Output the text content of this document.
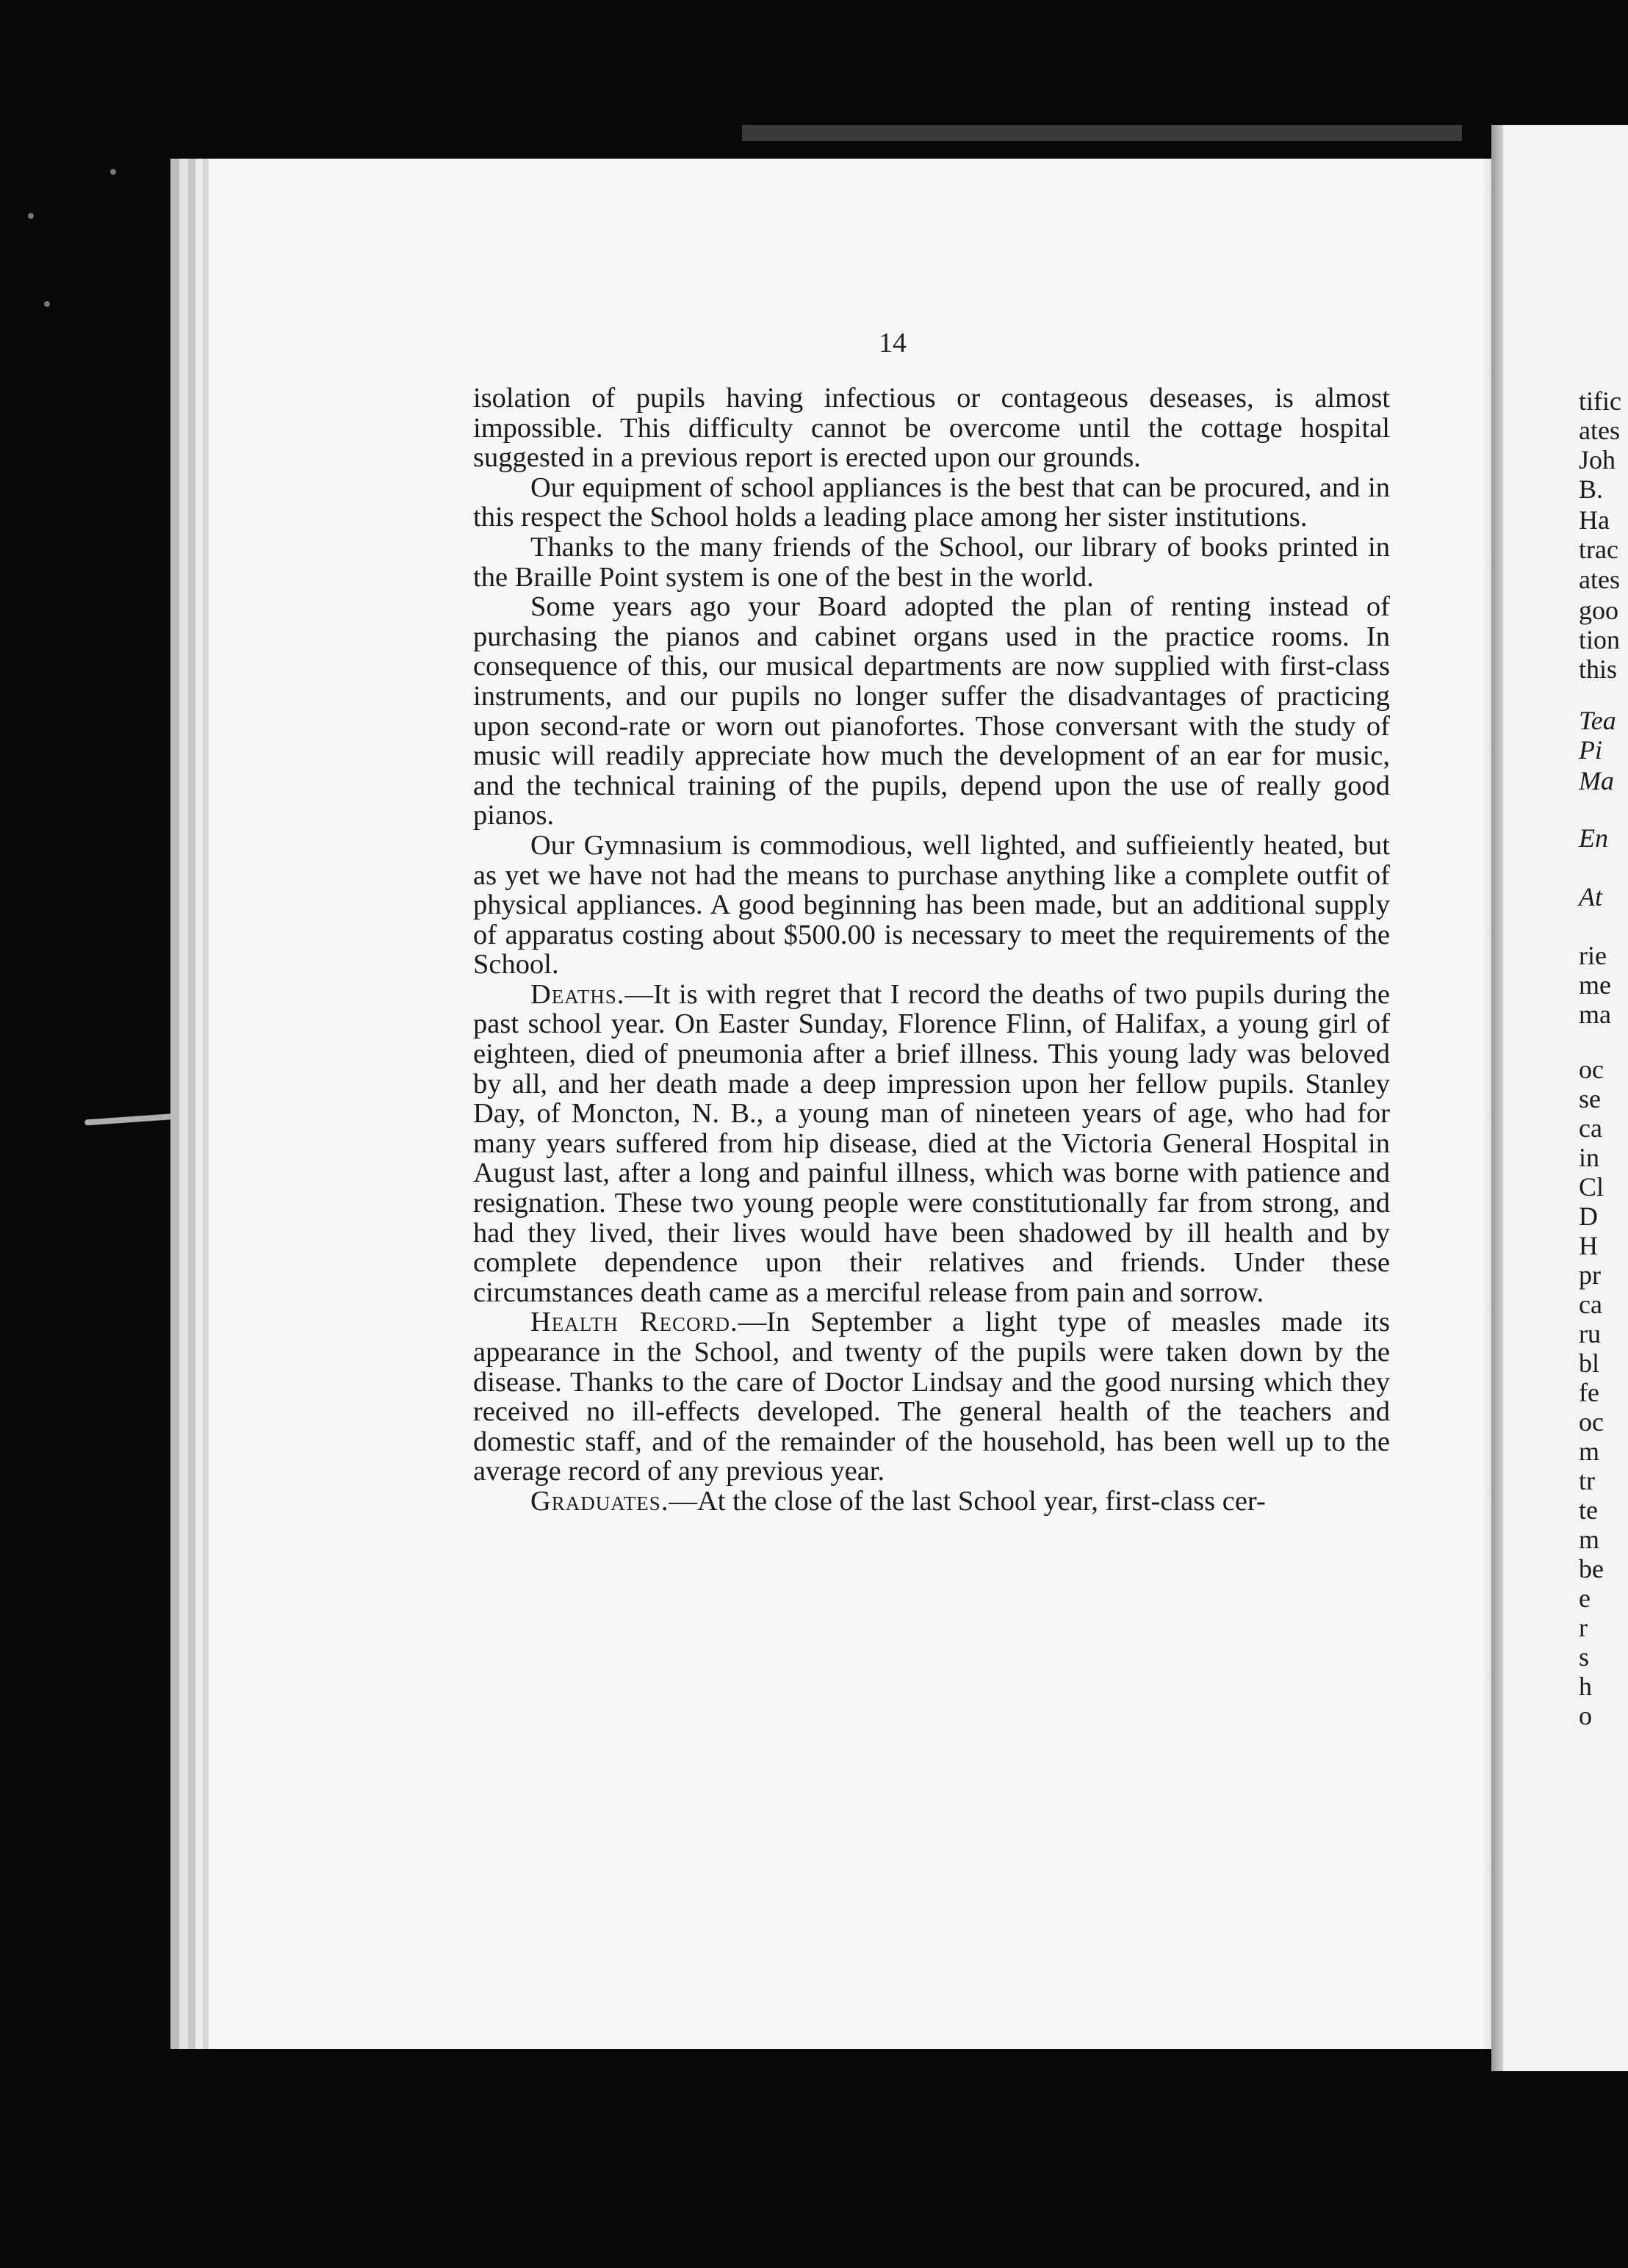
tific
ates
Joh
B.
Ha
trac
ates
goo
tion
this
Tea
Pi
Ma
En
At
rie
me
ma
oc
se
ca
in
Cl
D
H
pr
ca
ru
bl
fe
oc
m
tr
te
m
be
e
r
s
h
o
14

isolation of pupils having infectious or contageous deseases, is almost impossible. This difficulty cannot be overcome until the cottage hospital suggested in a previous report is erected upon our grounds.

Our equipment of school appliances is the best that can be procured, and in this respect the School holds a leading place among her sister institutions.

Thanks to the many friends of the School, our library of books printed in the Braille Point system is one of the best in the world.

Some years ago your Board adopted the plan of renting instead of purchasing the pianos and cabinet organs used in the practice rooms. In consequence of this, our musical departments are now supplied with first-class instruments, and our pupils no longer suffer the disadvantages of practicing upon second-rate or worn out pianofortes. Those conversant with the study of music will readily appreciate how much the development of an ear for music, and the technical training of the pupils, depend upon the use of really good pianos.

Our Gymnasium is commodious, well lighted, and suffieiently heated, but as yet we have not had the means to purchase anything like a complete outfit of physical appliances. A good beginning has been made, but an additional supply of apparatus costing about $500.00 is necessary to meet the requirements of the School.

Deaths.—It is with regret that I record the deaths of two pupils during the past school year. On Easter Sunday, Florence Flinn, of Halifax, a young girl of eighteen, died of pneumonia after a brief illness. This young lady was beloved by all, and her death made a deep impression upon her fellow pupils. Stanley Day, of Moncton, N. B., a young man of nineteen years of age, who had for many years suffered from hip disease, died at the Victoria General Hospital in August last, after a long and painful illness, which was borne with patience and resignation. These two young people were constitutionally far from strong, and had they lived, their lives would have been shadowed by ill health and by complete dependence upon their relatives and friends. Under these circumstances death came as a merciful release from pain and sorrow.

Health Record.—In September a light type of measles made its appearance in the School, and twenty of the pupils were taken down by the disease. Thanks to the care of Doctor Lindsay and the good nursing which they received no ill-effects developed. The general health of the teachers and domestic staff, and of the remainder of the household, has been well up to the average record of any previous year.

Graduates.—At the close of the last School year, first-class cer-
